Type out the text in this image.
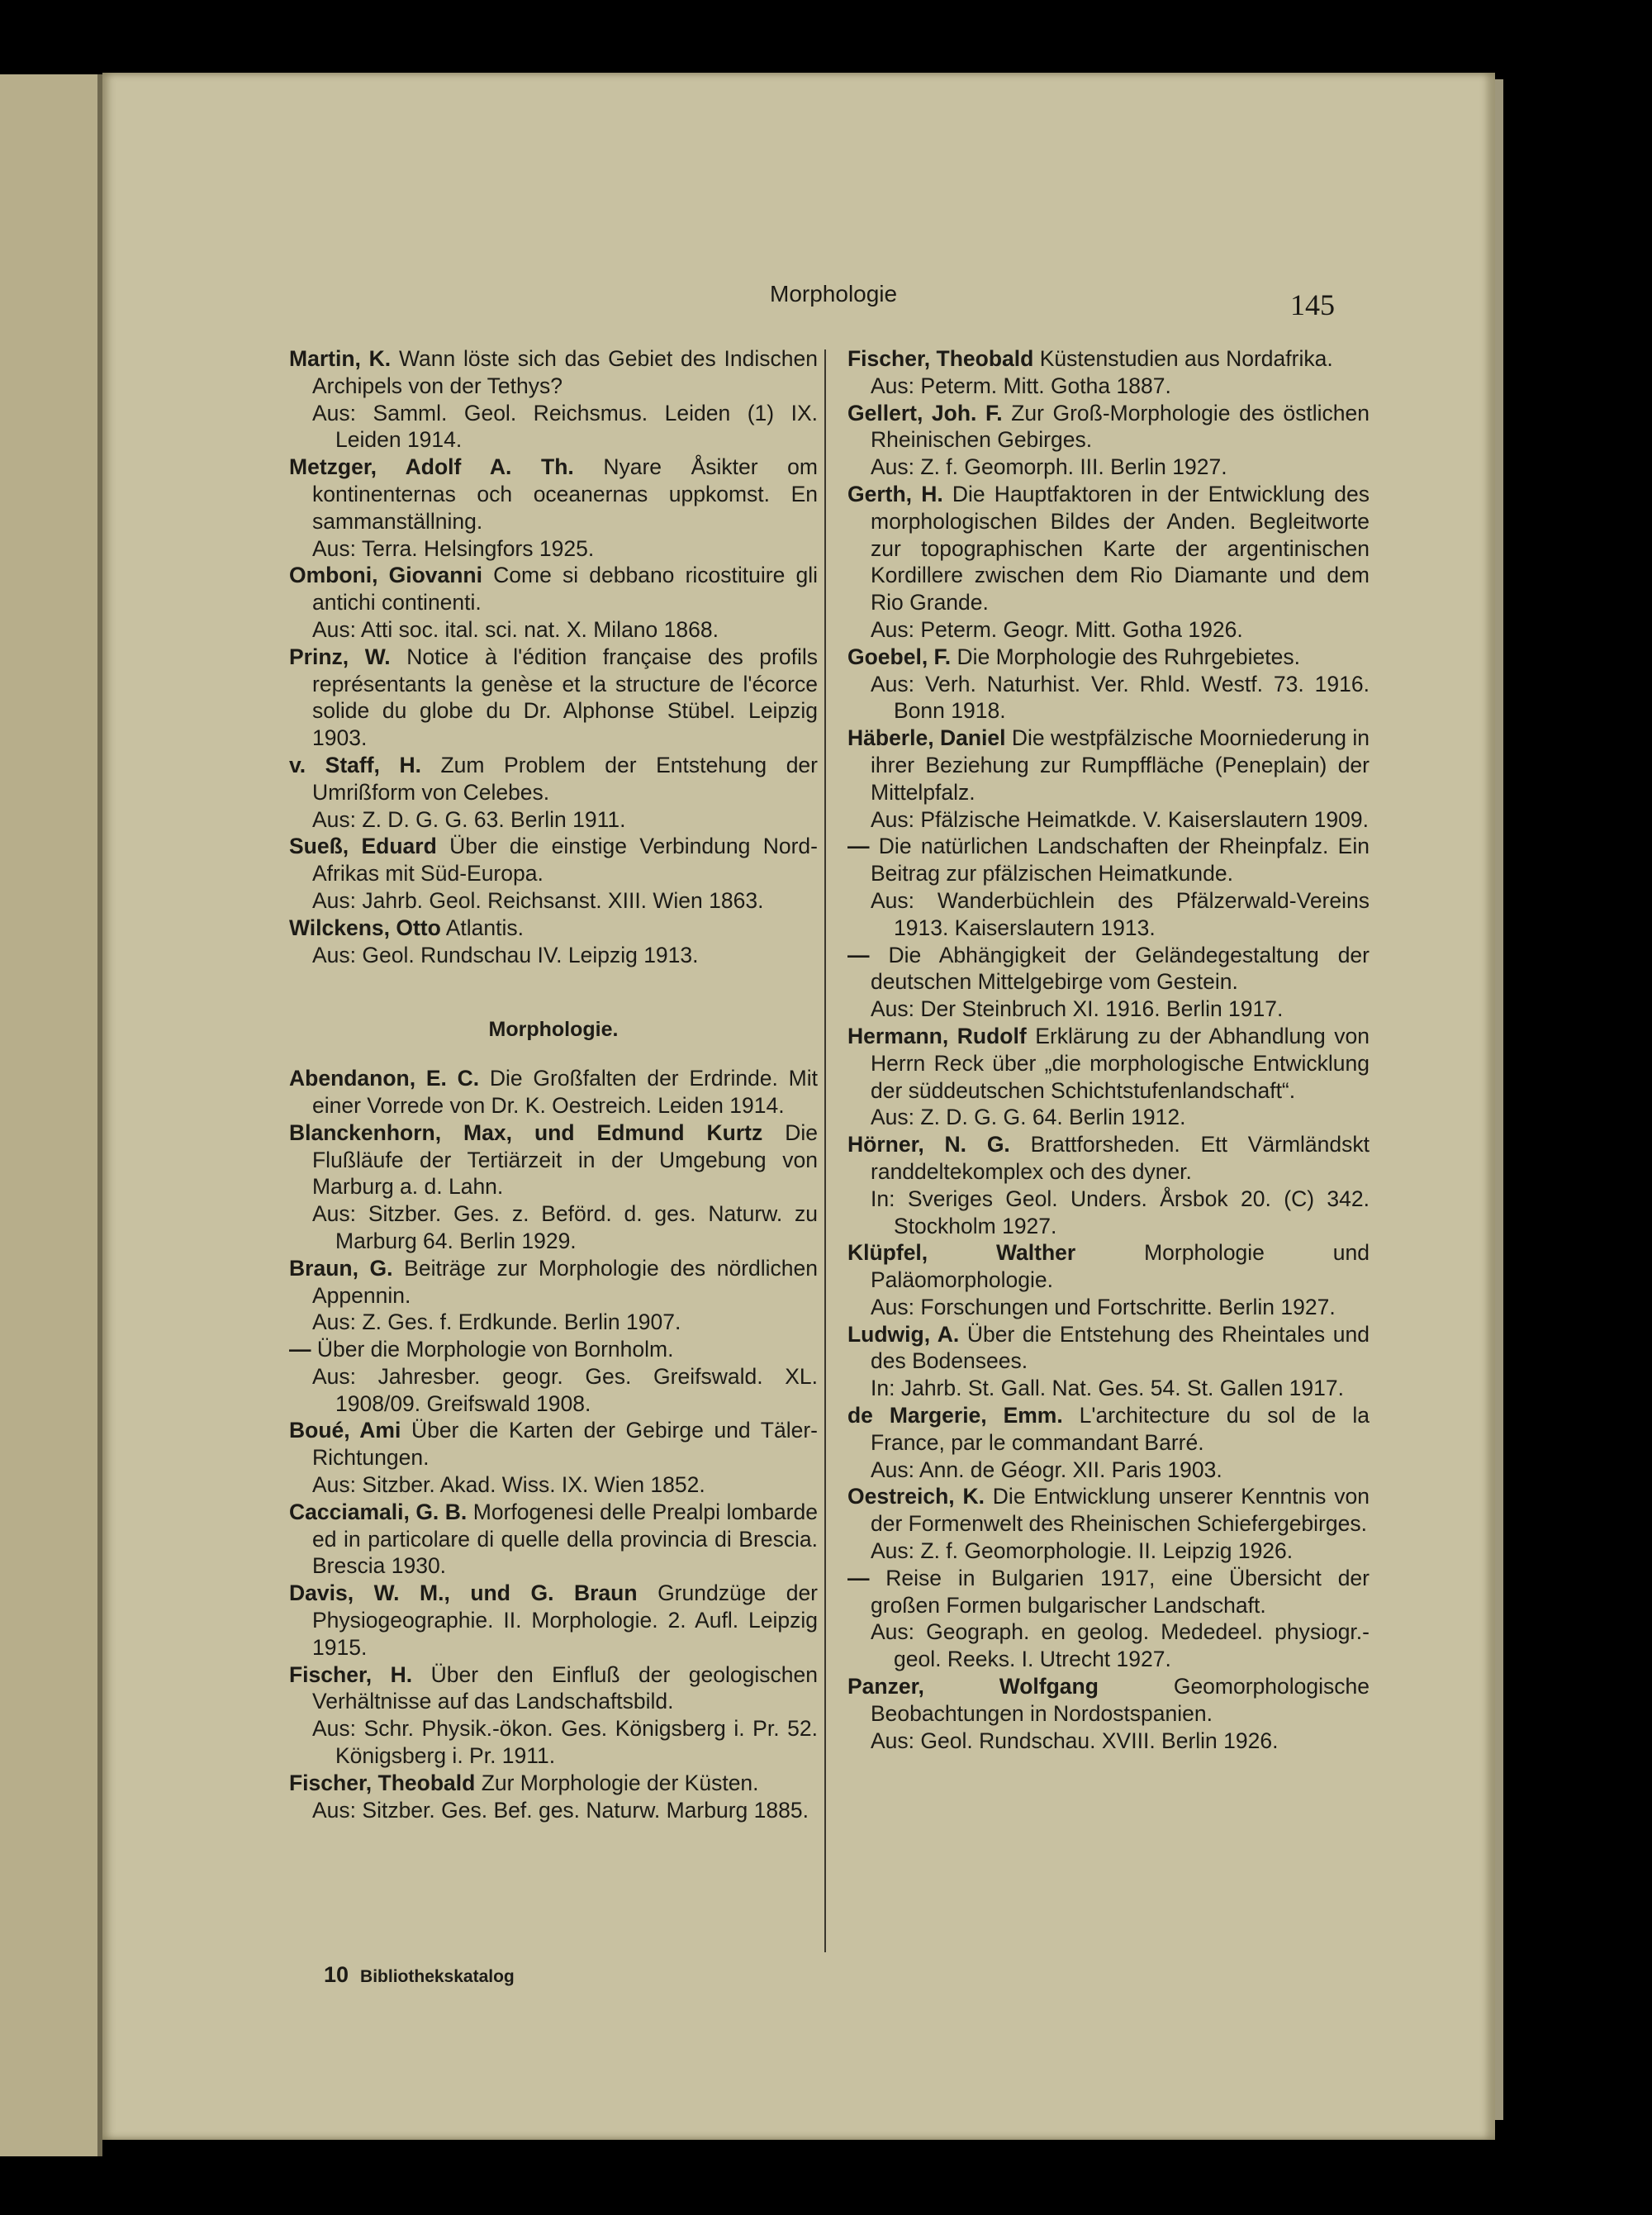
Morphologie	145
Martin, K. Wann löste sich das Gebiet des Indischen Archipels von der Tethys?
Aus: Samml. Geol. Reichsmus. Leiden (1) IX. Leiden 1914.
Metzger, Adolf A. Th. Nyare Åsikter om kontinenternas och oceanernas uppkomst. En sammanställning.
Aus: Terra. Helsingfors 1925.
Omboni, Giovanni Come si debbano ricostituire gli antichi continenti.
Aus: Atti soc. ital. sci. nat. X. Milano 1868.
Prinz, W. Notice à l'édition française des profils représentants la genèse et la structure de l'écorce solide du globe du Dr. Alphonse Stübel. Leipzig 1903.
v. Staff, H. Zum Problem der Entstehung der Umrißform von Celebes.
Aus: Z. D. G. G. 63. Berlin 1911.
Sueß, Eduard Über die einstige Verbindung Nord-Afrikas mit Süd-Europa.
Aus: Jahrb. Geol. Reichsanst. XIII. Wien 1863.
Wilckens, Otto Atlantis.
Aus: Geol. Rundschau IV. Leipzig 1913.
Morphologie.
Abendanon, E. C. Die Großfalten der Erdrinde. Mit einer Vorrede von Dr. K. Oestreich. Leiden 1914.
Blanckenhorn, Max, und Edmund Kurtz Die Flußläufe der Tertiärzeit in der Umgebung von Marburg a. d. Lahn.
Aus: Sitzber. Ges. z. Beförd. d. ges. Naturw. zu Marburg 64. Berlin 1929.
Braun, G. Beiträge zur Morphologie des nördlichen Appennin.
Aus: Z. Ges. f. Erdkunde. Berlin 1907.
— Über die Morphologie von Bornholm.
Aus: Jahresber. geogr. Ges. Greifswald. XL. 1908/09. Greifswald 1908.
Boué, Ami Über die Karten der Gebirge und Täler-Richtungen.
Aus: Sitzber. Akad. Wiss. IX. Wien 1852.
Cacciamali, G. B. Morfogenesi delle Prealpi lombarde ed in particolare di quelle della provincia di Brescia. Brescia 1930.
Davis, W. M., und G. Braun Grundzüge der Physiogeographie. II. Morphologie. 2. Aufl. Leipzig 1915.
Fischer, H. Über den Einfluß der geologischen Verhältnisse auf das Landschaftsbild.
Aus: Schr. Physik.-ökon. Ges. Königsberg i. Pr. 52. Königsberg i. Pr. 1911.
Fischer, Theobald Zur Morphologie der Küsten.
Aus: Sitzber. Ges. Bef. ges. Naturw. Marburg 1885.
Fischer, Theobald Küstenstudien aus Nordafrika.
Aus: Peterm. Mitt. Gotha 1887.
Gellert, Joh. F. Zur Groß-Morphologie des östlichen Rheinischen Gebirges.
Aus: Z. f. Geomorph. III. Berlin 1927.
Gerth, H. Die Hauptfaktoren in der Entwicklung des morphologischen Bildes der Anden. Begleitworte zur topographischen Karte der argentinischen Kordillere zwischen dem Rio Diamante und dem Rio Grande.
Aus: Peterm. Geogr. Mitt. Gotha 1926.
Goebel, F. Die Morphologie des Ruhrgebietes.
Aus: Verh. Naturhist. Ver. Rhld. Westf. 73. 1916. Bonn 1918.
Häberle, Daniel Die westpfälzische Moorniederung in ihrer Beziehung zur Rumpffläche (Peneplain) der Mittelpfalz.
Aus: Pfälzische Heimatkde. V. Kaiserslautern 1909.
— Die natürlichen Landschaften der Rheinpfalz. Ein Beitrag zur pfälzischen Heimatkunde.
Aus: Wanderbüchlein des Pfälzerwald-Vereins 1913. Kaiserslautern 1913.
— Die Abhängigkeit der Geländegestaltung der deutschen Mittelgebirge vom Gestein.
Aus: Der Steinbruch XI. 1916. Berlin 1917.
Hermann, Rudolf Erklärung zu der Abhandlung von Herrn Reck über „die morphologische Entwicklung der süddeutschen Schichtstufenlandschaft“.
Aus: Z. D. G. G. 64. Berlin 1912.
Hörner, N. G. Brattforsheden. Ett Värmländskt randdeltekomplex och des dyner.
In: Sveriges Geol. Unders. Årsbok 20. (C) 342. Stockholm 1927.
Klüpfel, Walther	Morphologie und Paläomorphologie.
Aus: Forschungen und Fortschritte. Berlin 1927.
Ludwig, A. Über die Entstehung des Rheintales und des Bodensees.
In: Jahrb. St. Gall. Nat. Ges. 54. St. Gallen 1917.
de Margerie, Emm. L'architecture du sol de la France, par le commandant Barré.
Aus: Ann. de Géogr. XII. Paris 1903.
Oestreich, K. Die Entwicklung unserer Kenntnis von der Formenwelt des Rheinischen Schiefergebirges.
Aus: Z. f. Geomorphologie. II. Leipzig 1926.
— Reise in Bulgarien 1917, eine Übersicht der großen Formen bulgarischer Landschaft.
Aus: Geograph. en geolog. Mededeel. physiogr.-geol. Reeks. I. Utrecht 1927.
Panzer, Wolfgang	Geomorphologische Beobachtungen in Nordostspanien.
Aus: Geol. Rundschau. XVIII. Berlin 1926.
10 Bibliothekskatalog
